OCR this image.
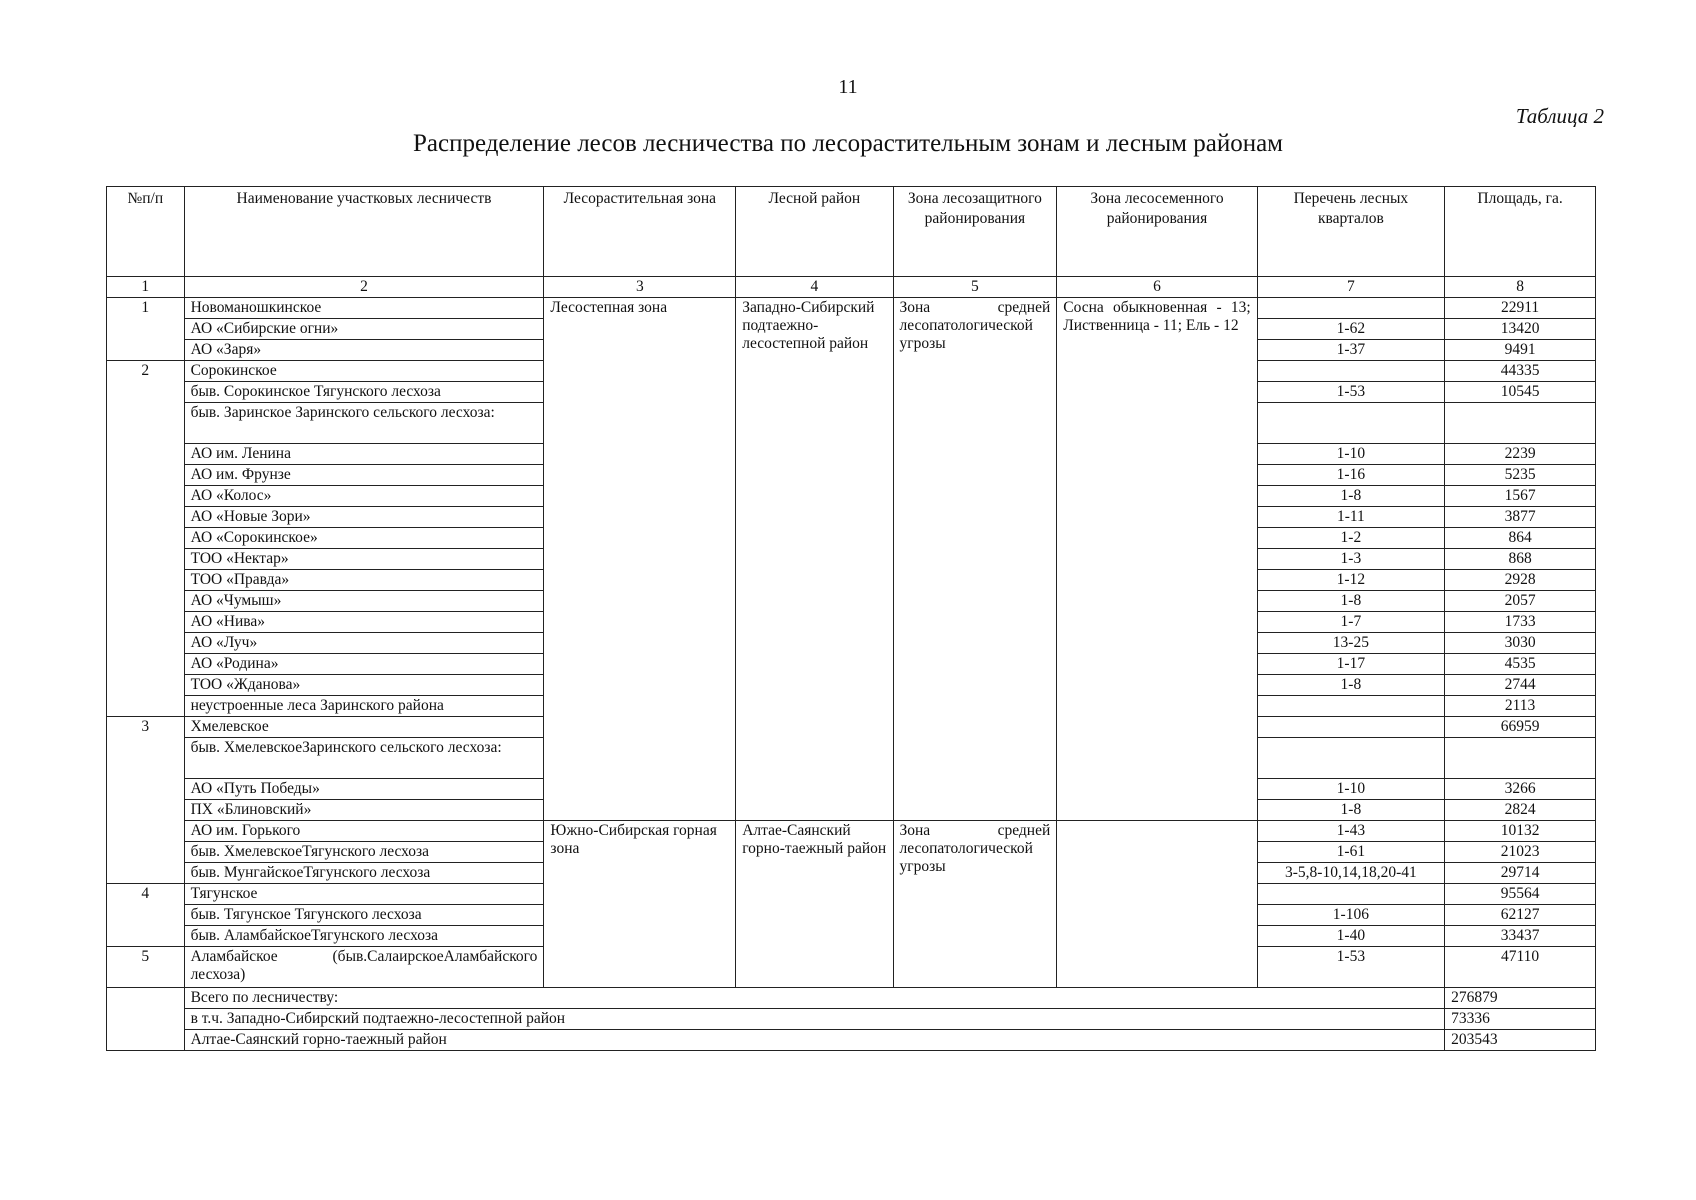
11
Таблица 2
Распределение лесов лесничества по лесорастительным зонам и лесным районам
№п/п	Наименование участковых лесничеств	Лесорастительная зона	Лесной район	Зона лесозащитного районирования	Зона лесосеменного районирования	Перечень лесных кварталов	Площадь, га.
1	2	3	4	5	6	7	8
1	Новоманошкинское	Лесостепная зона	Западно-Сибирский подтаежно-лесостепной район	Зона средней лесопатологической угрозы	Сосна обыкновенная - 13; Лиственница - 11; Ель - 12		22911
	АО «Сибирские огни»					1-62	13420
	АО «Заря»					1-37	9491
2	Сорокинское						44335
	быв. Сорокинское Тягунского лесхоза					1-53	10545
	быв. Заринское Заринского сельского лесхоза:						
	АО им. Ленина					1-10	2239
	АО им. Фрунзе					1-16	5235
	АО «Колос»					1-8	1567
	АО «Новые Зори»					1-11	3877
	АО «Сорокинское»					1-2	864
	ТОО «Нектар»					1-3	868
	ТОО «Правда»					1-12	2928
	АО «Чумыш»					1-8	2057
	АО «Нива»					1-7	1733
	АО «Луч»					13-25	3030
	АО «Родина»					1-17	4535
	ТОО «Жданова»					1-8	2744
	неустроенные леса Заринского района						2113
3	Хмелевское						66959
	быв. ХмелевскоеЗаринского сельского лесхоза:						
	АО «Путь Победы»					1-10	3266
	ПХ «Блиновский»					1-8	2824
	АО им. Горького	Южно-Сибирская горная зона	Алтае-Саянский горно-таежный район	Зона средней лесопатологической угрозы		1-43	10132
	быв. ХмелевскоеТягунского лесхоза					1-61	21023
	быв. МунгайскоеТягунского лесхоза					3-5,8-10,14,18,20-41	29714
4	Тягунское						95564
	быв. Тягунское Тягунского лесхоза					1-106	62127
	быв. АламбайскоеТягунского лесхоза					1-40	33437
5	Аламбайское (быв.СалаирскоеАламбайского лесхоза)					1-53	47110
	Всего по лесничеству:						276879
	в т.ч. Западно-Сибирский подтаежно-лесостепной район						73336
	Алтае-Саянский горно-таежный район						203543
